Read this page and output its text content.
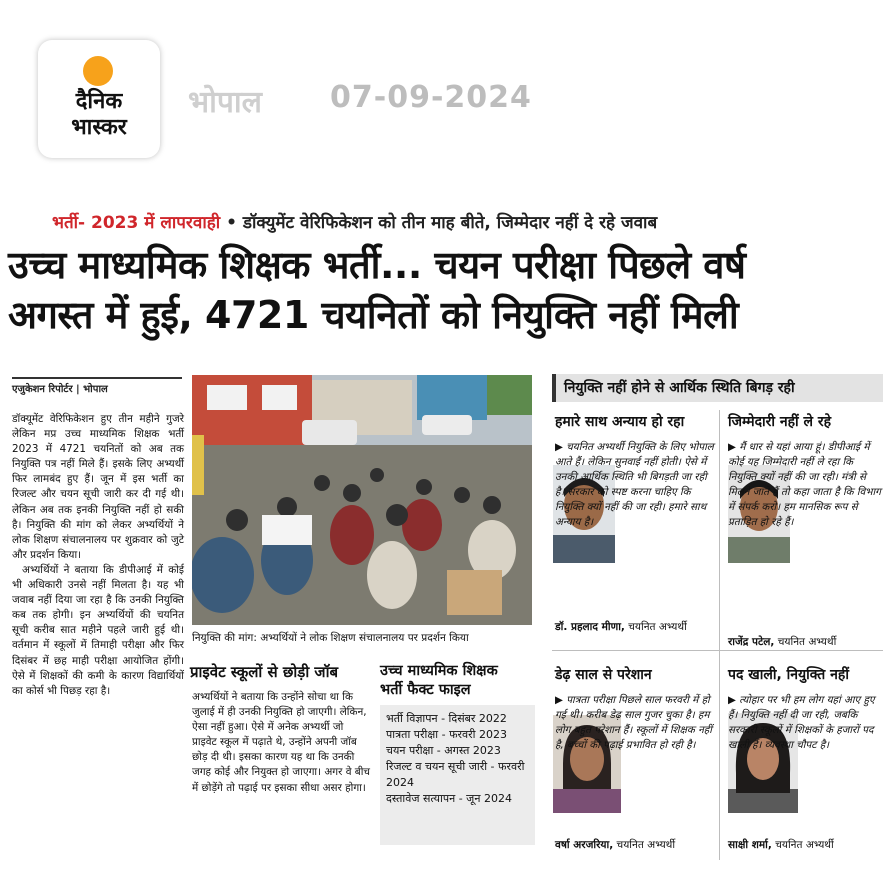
दैनिक
भास्कर
भोपाल 07-09-2024
भर्ती- 2023 में लापरवाही • डॉक्युमेंट वेरिफिकेशन को तीन माह बीते, जिम्मेदार नहीं दे रहे जवाब
उच्च माध्यमिक शिक्षक भर्ती... चयन परीक्षा पिछले वर्ष
अगस्त में हुई, 4721 चयनितों को नियुक्ति नहीं मिली
एजुकेशन रिपोर्टर | भोपाल
डॉक्यूमेंट वेरिफिकेशन हुए तीन महीने गुजरे लेकिन मप्र उच्च माध्यमिक शिक्षक भर्ती 2023 में 4721 चयनितों को अब तक नियुक्ति पत्र नहीं मिले हैं। इसके लिए अभ्यर्थी फिर लामबंद हुए हैं। जून में इस भर्ती का रिजल्ट और चयन सूची जारी कर दी गई थी। लेकिन अब तक इनकी नियुक्ति नहीं हो सकी है। नियुक्ति की मांग को लेकर अभ्यर्थियों ने लोक शिक्षण संचालनालय पर शुक्रवार को जुटे और प्रदर्शन किया।
अभ्यर्थियों ने बताया कि डीपीआई में कोई भी अधिकारी उनसे नहीं मिलता है। यह भी जवाब नहीं दिया जा रहा है कि उनकी नियुक्ति कब तक होगी। इन अभ्यर्थियों की चयनित सूची करीब सात महीने पहले जारी हुई थी। वर्तमान में स्कूलों में तिमाही परीक्षा और फिर दिसंबर में छह माही परीक्षा आयोजित होंगी। ऐसे में शिक्षकों की कमी के कारण विद्यार्थियों का कोर्स भी पिछड़ रहा है।
नियुक्ति की मांग: अभ्यर्थियों ने लोक शिक्षण संचालनालय पर प्रदर्शन किया
प्राइवेट स्कूलों से छोड़ी जॉब
अभ्यर्थियों ने बताया कि उन्होंने सोचा था कि जुलाई में ही उनकी नियुक्ति हो जाएगी। लेकिन, ऐसा नहीं हुआ। ऐसे में अनेक अभ्यर्थी जो प्राइवेट स्कूल में पढ़ाते थे, उन्होंने अपनी जॉब छोड़ दी थी। इसका कारण यह था कि उनकी जगह कोई और नियुक्त हो जाएगा। अगर वे बीच में छोड़ेंगे तो पढ़ाई पर इसका सीधा असर होगा।
उच्च माध्यमिक शिक्षक
भर्ती फैक्ट फाइल
भर्ती विज्ञापन - दिसंबर 2022
पात्रता परीक्षा - फरवरी 2023
चयन परीक्षा - अगस्त 2023
रिजल्ट व चयन सूची जारी - फरवरी 2024
दस्तावेज सत्यापन - जून 2024
नियुक्ति नहीं होने से आर्थिक स्थिति बिगड़ रही
हमारे साथ अन्याय हो रहा
▶ चयनित अभ्यर्थी नियुक्ति के लिए भोपाल आते हैं। लेकिन सुनवाई नहीं होती। ऐसे में उनकी आर्थिक स्थिति भी बिगड़ती जा रही है। सरकार को स्पष्ट करना चाहिए कि नियुक्ति क्यों नहीं की जा रही। हमारे साथ अन्याय है।
डॉ. प्रहलाद मीणा, चयनित अभ्यर्थी
जिम्मेदारी नहीं ले रहे
▶ मैं धार से यहां आया हूं। डीपीआई में कोई यह जिम्मेदारी नहीं ले रहा कि नियुक्ति क्यों नहीं की जा रही। मंत्री से मिलने जाते हैं तो कहा जाता है कि विभाग में संपर्क करो। हम मानसिक रूप से प्रताड़ित हो रहे हैं।
राजेंद्र पटेल, चयनित अभ्यर्थी
डेढ़ साल से परेशान
▶ पात्रता परीक्षा पिछले साल फरवरी में हो गई थी। करीब डेढ़ साल गुजर चुका है। हम लोग बहुत परेशान हैं। स्कूलों में शिक्षक नहीं है, बच्चों की पढ़ाई प्रभावित हो रही है।
वर्षा अरजरिया, चयनित अभ्यर्थी
पद खाली, नियुक्ति नहीं
▶ त्योहार पर भी हम लोग यहां आए हुए हैं। नियुक्ति नहीं दी जा रही, जबकि सरकारी स्कूलों में शिक्षकों के हजारों पद खाली हैं। व्यवस्था चौपट है।
साक्षी शर्मा, चयनित अभ्यर्थी
